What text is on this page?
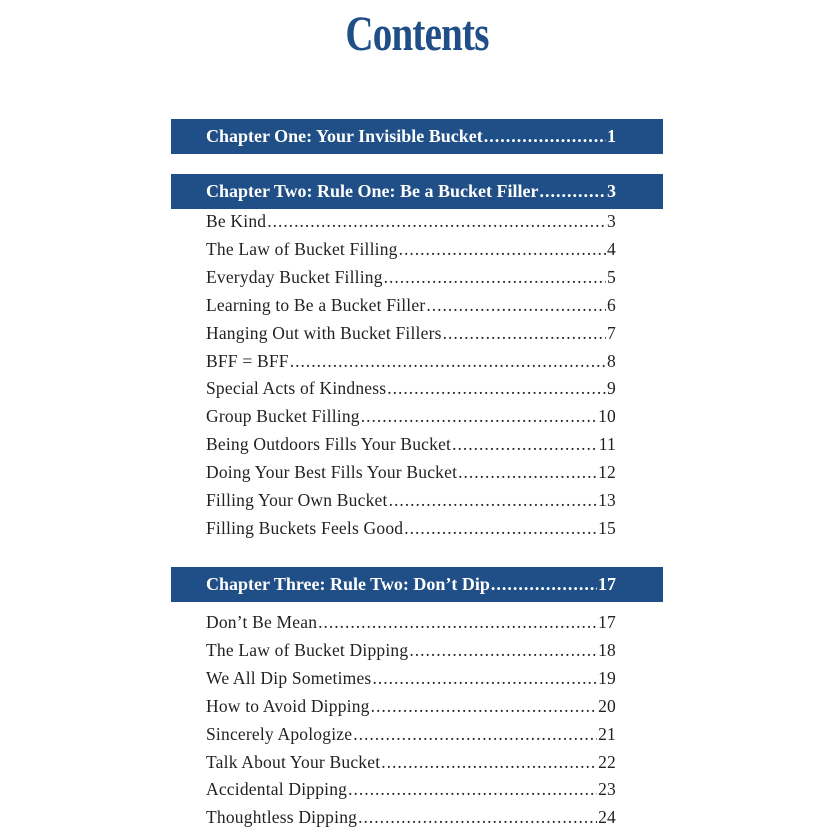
Contents
Chapter One: Your Invisible Bucket .....	1
Chapter Two: Rule One: Be a Bucket Filler .....	3
Be Kind .....	3
The Law of Bucket Filling .....	4
Everyday Bucket Filling .....	5
Learning to Be a Bucket Filler .....	6
Hanging Out with Bucket Fillers .....	7
BFF = BFF .....	8
Special Acts of Kindness .....	9
Group Bucket Filling .....	10
Being Outdoors Fills Your Bucket .....	11
Doing Your Best Fills Your Bucket .....	12
Filling Your Own Bucket .....	13
Filling Buckets Feels Good .....	15
Chapter Three: Rule Two: Don’t Dip .....	17
Don’t Be Mean .....	17
The Law of Bucket Dipping .....	18
We All Dip Sometimes .....	19
How to Avoid Dipping .....	20
Sincerely Apologize .....	21
Talk About Your Bucket .....	22
Accidental Dipping .....	23
Thoughtless Dipping .....	24
